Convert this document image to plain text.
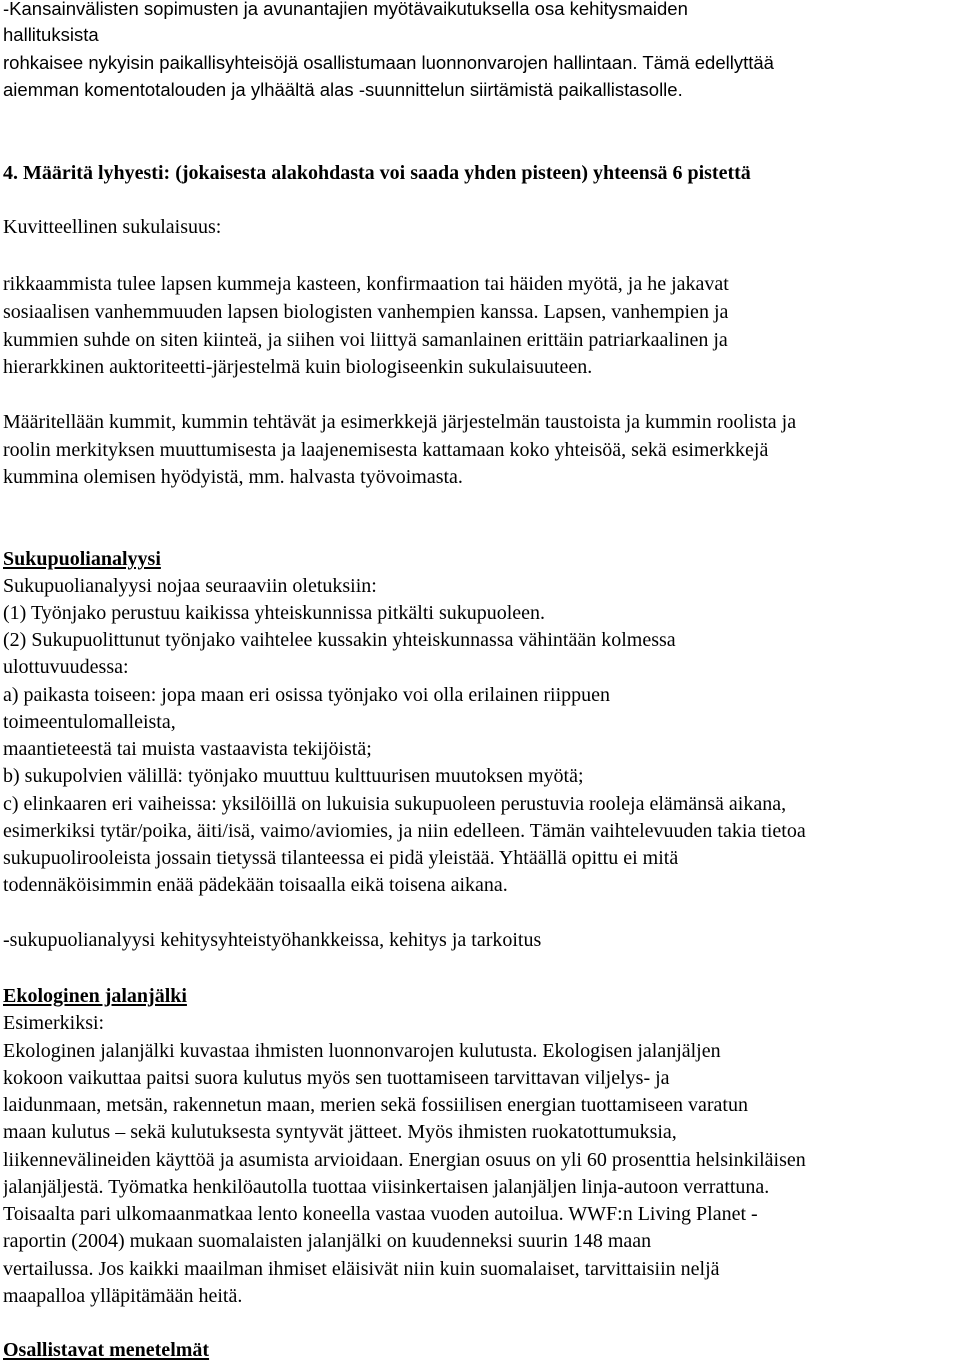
-Kansainvälisten sopimusten ja avunantajien myötävaikutuksella osa kehitysmaiden

hallituksista

rohkaisee nykyisin paikallisyhteisöjä osallistumaan luonnonvarojen hallintaan. Tämä edellyttää

aiemman komentotalouden ja ylhäältä alas -suunnittelun siirtämistä paikallistasolle.

4. Määritä lyhyesti: (jokaisesta alakohdasta voi saada yhden pisteen) yhteensä 6 pistettä

Kuvitteellinen sukulaisuus:

rikkaammista tulee lapsen kummeja kasteen, konfirmaation tai häiden myötä, ja he jakavat

sosiaalisen vanhemmuuden lapsen biologisten vanhempien kanssa. Lapsen, vanhempien ja

kummien suhde on siten kiinteä, ja siihen voi liittyä samanlainen erittäin patriarkaalinen ja

hierarkkinen auktoriteetti-järjestelmä kuin biologiseenkin sukulaisuuteen.

Määritellään kummit, kummin tehtävät ja esimerkkejä järjestelmän taustoista ja kummin roolista ja

roolin merkityksen muuttumisesta ja laajenemisesta kattamaan koko yhteisöä, sekä esimerkkejä

kummina olemisen hyödyistä, mm. halvasta työvoimasta.

Sukupuolianalyysi

Sukupuolianalyysi nojaa seuraaviin oletuksiin:

(1) Työnjako perustuu kaikissa yhteiskunnissa pitkälti sukupuoleen.

(2) Sukupuolittunut työnjako vaihtelee kussakin yhteiskunnassa vähintään kolmessa

ulottuvuudessa:

a) paikasta toiseen: jopa maan eri osissa työnjako voi olla erilainen riippuen

toimeentulomalleista,

maantieteestä tai muista vastaavista tekijöistä;

b) sukupolvien välillä: työnjako muuttuu kulttuurisen muutoksen myötä;

c) elinkaaren eri vaiheissa: yksilöillä on lukuisia sukupuoleen perustuvia rooleja elämänsä aikana,

esimerkiksi tytär/poika, äiti/isä, vaimo/aviomies, ja niin edelleen. Tämän vaihtelevuuden takia tietoa

sukupuolirooleista jossain tietyssä tilanteessa ei pidä yleistää. Yhtäällä opittu ei mitä

todennäköisimmin enää pädekään toisaalla eikä toisena aikana.

-sukupuolianalyysi kehitysyhteistyöhankkeissa, kehitys ja tarkoitus

Ekologinen jalanjälki

Esimerkiksi:

Ekologinen jalanjälki kuvastaa ihmisten luonnonvarojen kulutusta. Ekologisen jalanjäljen

kokoon vaikuttaa paitsi suora kulutus myös sen tuottamiseen tarvittavan viljelys- ja

laidunmaan, metsän, rakennetun maan, merien sekä fossiilisen energian tuottamiseen varatun

maan kulutus – sekä kulutuksesta syntyvät jätteet. Myös ihmisten ruokatottumuksia,

liikennevälineiden käyttöä ja asumista arvioidaan. Energian osuus on yli 60 prosenttia helsinkiläisen

jalanjäljestä. Työmatka henkilöautolla tuottaa viisinkertaisen jalanjäljen linja-autoon verrattuna.

Toisaalta pari ulkomaanmatkaa lento koneella vastaa vuoden autoilua. WWF:n Living Planet -

raportin (2004) mukaan suomalaisten jalanjälki on kuudenneksi suurin 148 maan

vertailussa. Jos kaikki maailman ihmiset eläisivät niin kuin suomalaiset, tarvittaisiin neljä

maapalloa ylläpitämään heitä.

Osallistavat menetelmät
